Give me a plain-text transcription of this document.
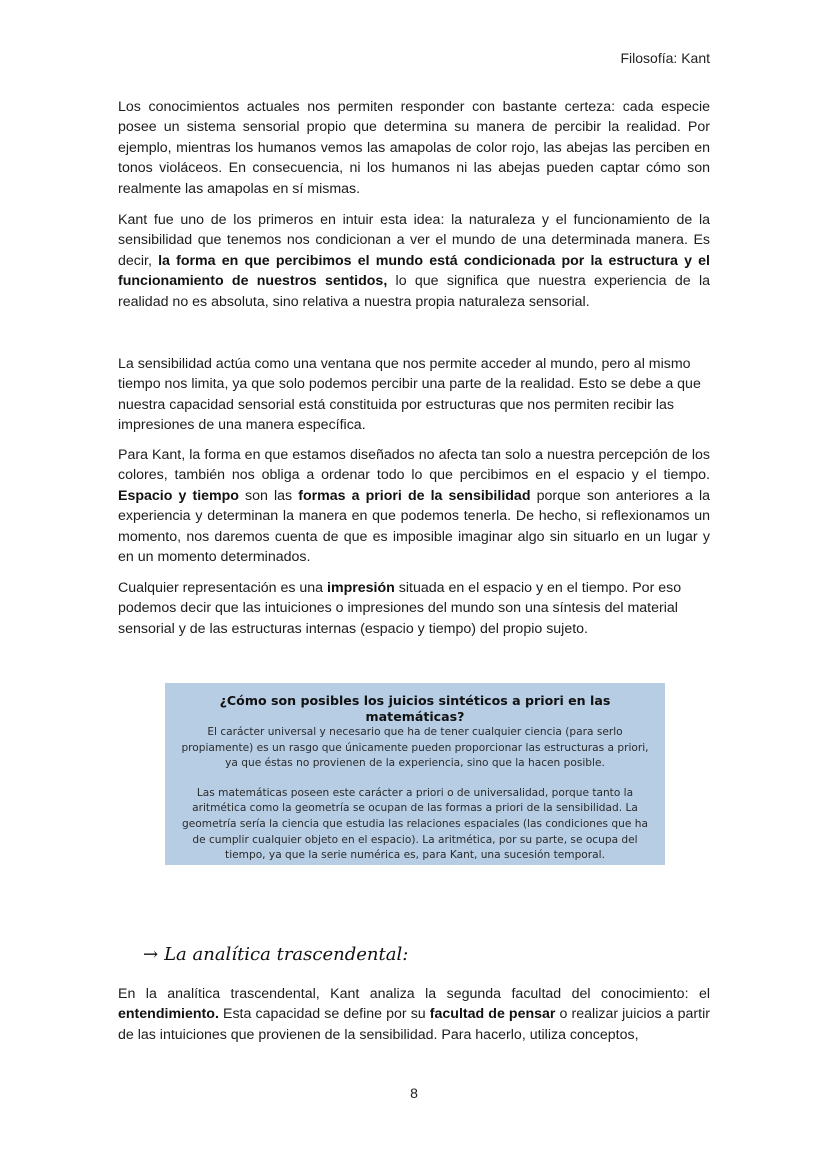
Filosofía: Kant

Los conocimientos actuales nos permiten responder con bastante certeza: cada especie posee un sistema sensorial propio que determina su manera de percibir la realidad. Por ejemplo, mientras los humanos vemos las amapolas de color rojo, las abejas las perciben en tonos violáceos. En consecuencia, ni los humanos ni las abejas pueden captar cómo son realmente las amapolas en sí mismas.

Kant fue uno de los primeros en intuir esta idea: la naturaleza y el funcionamiento de la sensibilidad que tenemos nos condicionan a ver el mundo de una determinada manera. Es decir, la forma en que percibimos el mundo está condicionada por la estructura y el funcionamiento de nuestros sentidos, lo que significa que nuestra experiencia de la realidad no es absoluta, sino relativa a nuestra propia naturaleza sensorial.

La sensibilidad actúa como una ventana que nos permite acceder al mundo, pero al mismo tiempo nos limita, ya que solo podemos percibir una parte de la realidad. Esto se debe a que nuestra capacidad sensorial está constituida por estructuras que nos permiten recibir las impresiones de una manera específica.

Para Kant, la forma en que estamos diseñados no afecta tan solo a nuestra percepción de los colores, también nos obliga a ordenar todo lo que percibimos en el espacio y el tiempo. Espacio y tiempo son las formas a priori de la sensibilidad porque son anteriores a la experiencia y determinan la manera en que podemos tenerla. De hecho, si reflexionamos un momento, nos daremos cuenta de que es imposible imaginar algo sin situarlo en un lugar y en un momento determinados.

Cualquier representación es una impresión situada en el espacio y en el tiempo. Por eso podemos decir que las intuiciones o impresiones del mundo son una síntesis del material sensorial y de las estructuras internas (espacio y tiempo) del propio sujeto.

¿Cómo son posibles los juicios sintéticos a priori en las matemáticas?

El carácter universal y necesario que ha de tener cualquier ciencia (para serlo propiamente) es un rasgo que únicamente pueden proporcionar las estructuras a priori, ya que éstas no provienen de la experiencia, sino que la hacen posible.

Las matemáticas poseen este carácter a priori o de universalidad, porque tanto la aritmética como la geometría se ocupan de las formas a priori de la sensibilidad. La geometría sería la ciencia que estudia las relaciones espaciales (las condiciones que ha de cumplir cualquier objeto en el espacio). La aritmética, por su parte, se ocupa del tiempo, ya que la serie numérica es, para Kant, una sucesión temporal.

→ La analítica trascendental:

En la analítica trascendental, Kant analiza la segunda facultad del conocimiento: el entendimiento. Esta capacidad se define por su facultad de pensar o realizar juicios a partir de las intuiciones que provienen de la sensibilidad. Para hacerlo, utiliza conceptos,

8
